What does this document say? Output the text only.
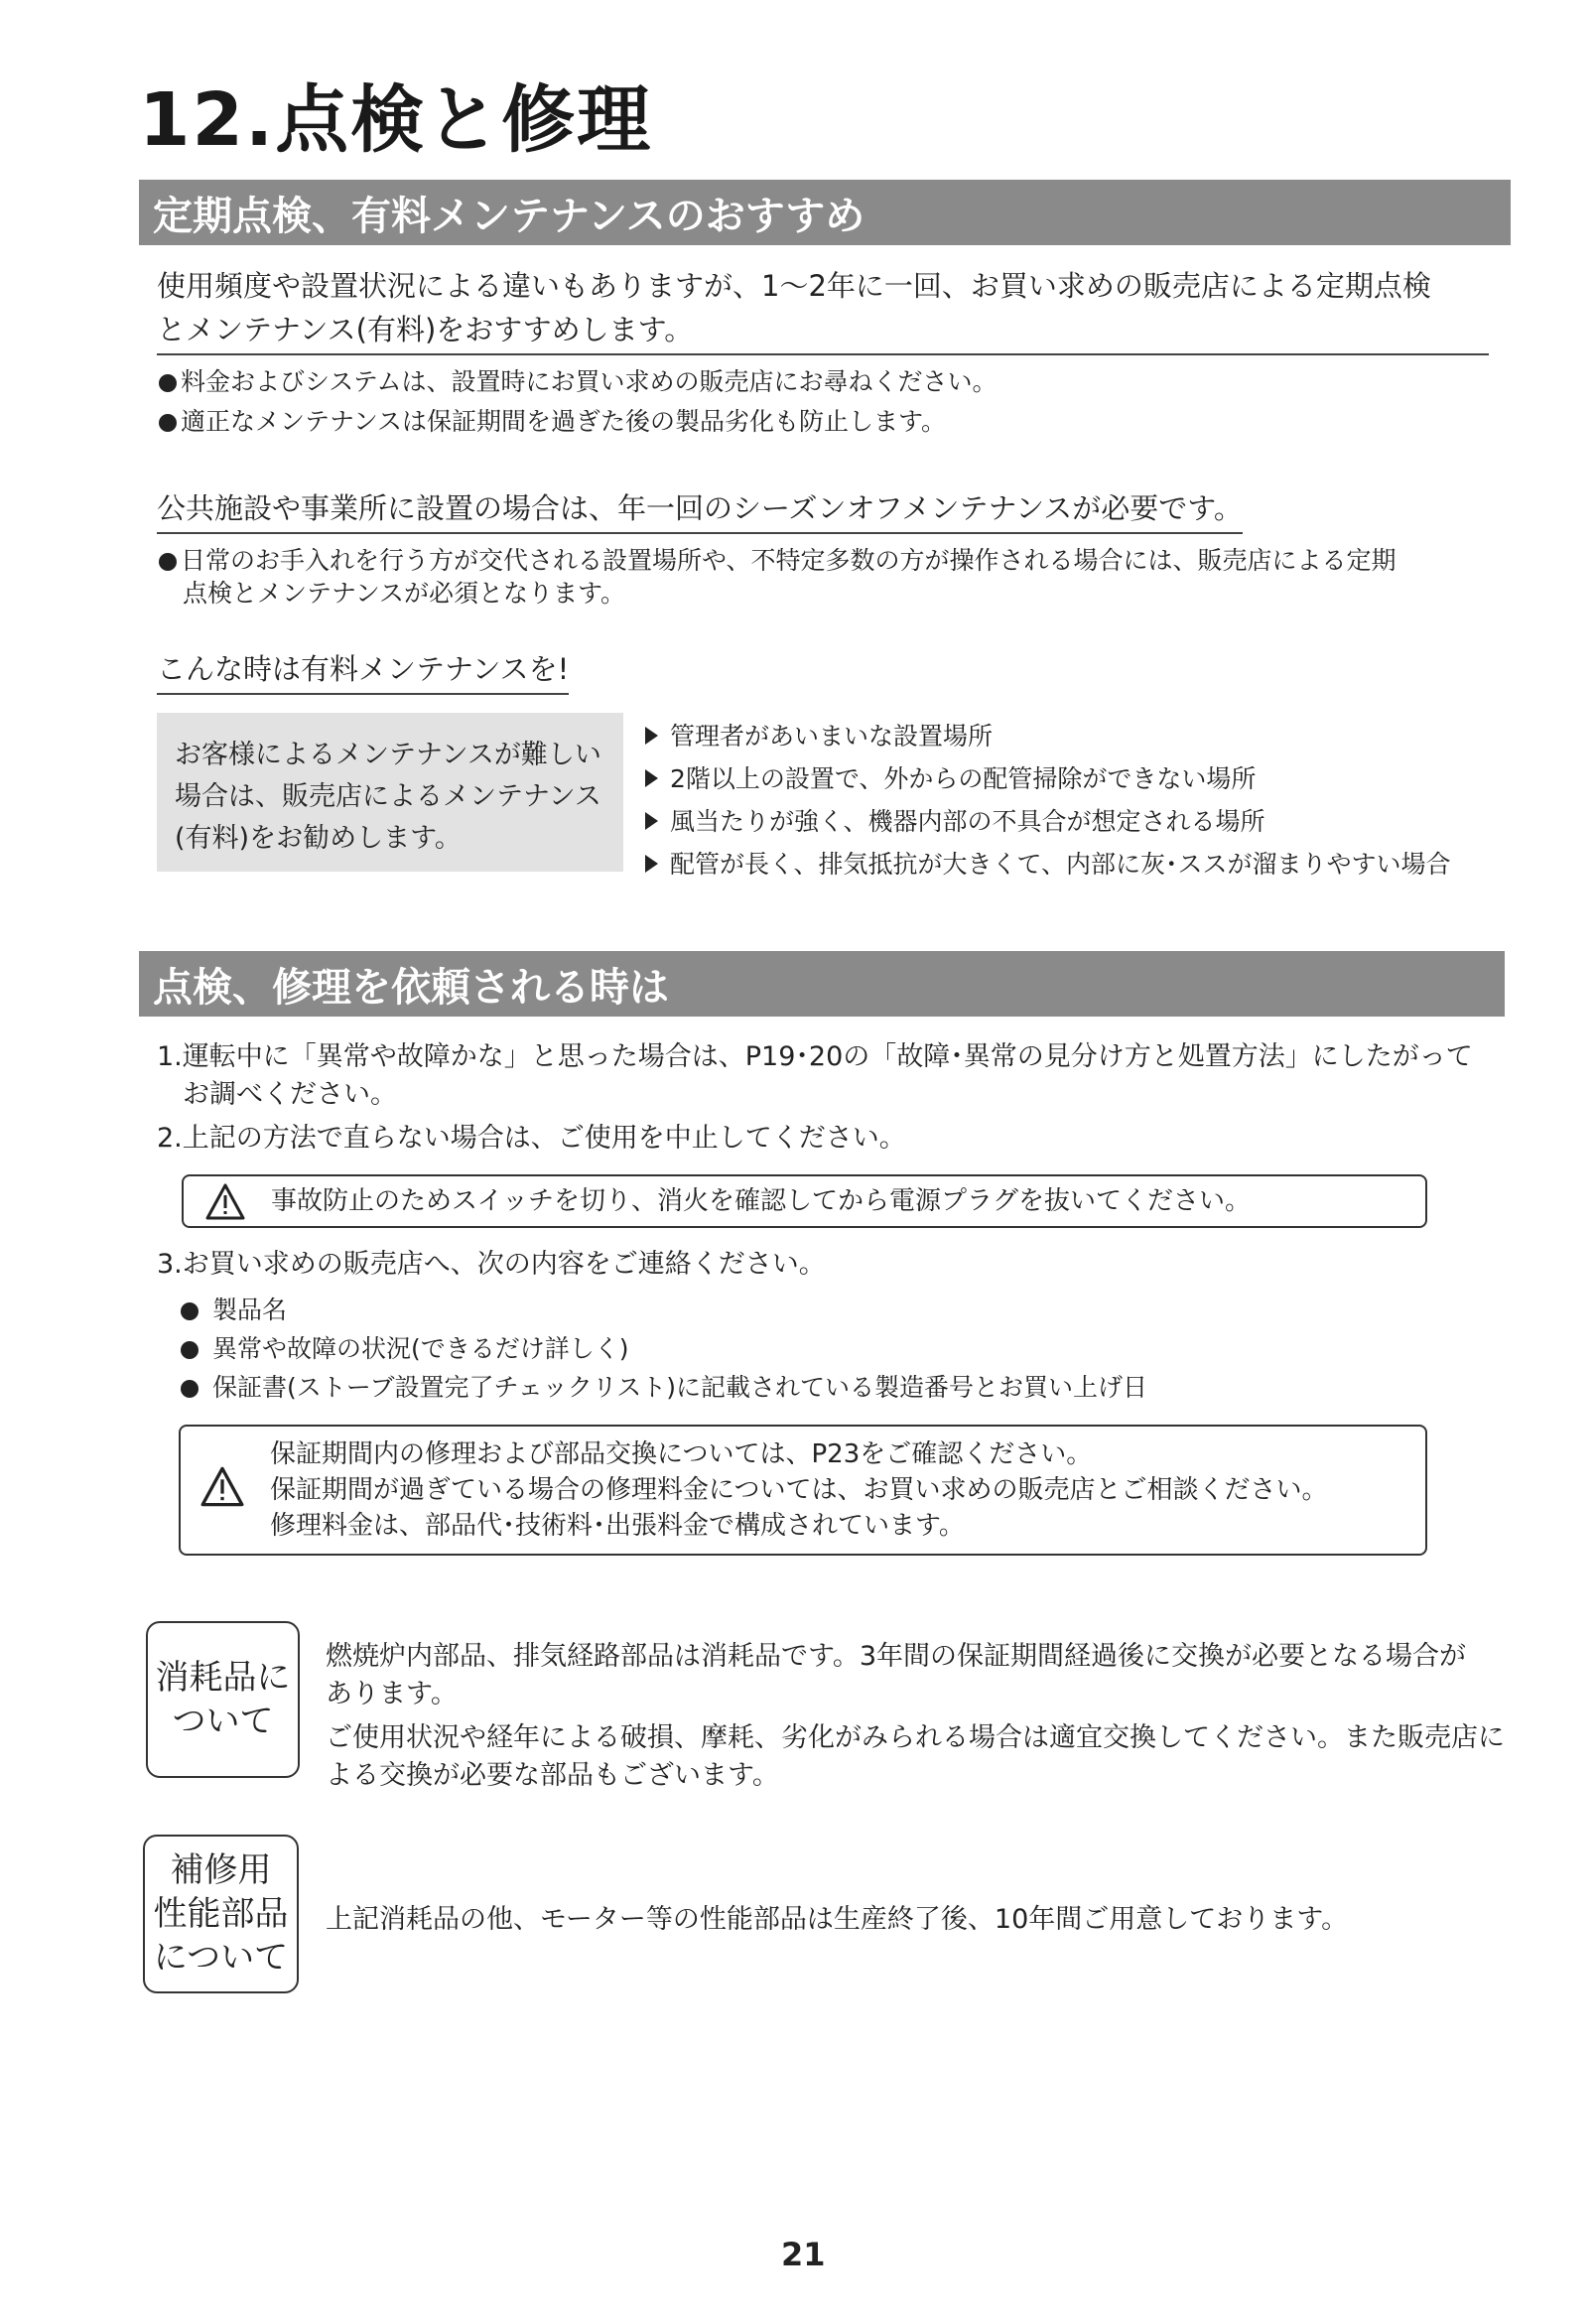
12.点検と修理
定期点検、有料メンテナンスのおすすめ
使用頻度や設置状況による違いもありますが、1～2年に一回、お買い求めの販売店による定期点検
とメンテナンス(有料)をおすすめします。
料金およびシステムは、設置時にお買い求めの販売店にお尋ねください。
適正なメンテナンスは保証期間を過ぎた後の製品劣化も防止します。
公共施設や事業所に設置の場合は、年一回のシーズンオフメンテナンスが必要です。
日常のお手入れを行う方が交代される設置場所や、不特定多数の方が操作される場合には、販売店による定期
点検とメンテナンスが必須となります。
こんな時は有料メンテナンスを!
お客様によるメンテナンスが難しい
場合は、販売店によるメンテナンス
(有料)をお勧めします。
管理者があいまいな設置場所
2階以上の設置で、外からの配管掃除ができない場所
風当たりが強く、機器内部の不具合が想定される場所
配管が長く、排気抵抗が大きくて、内部に灰･ススが溜まりやすい場合
点検、修理を依頼される時は
1.運転中に「異常や故障かな」と思った場合は、P19･20の「故障･異常の見分け方と処置方法」にしたがって
お調べください。
2.上記の方法で直らない場合は、ご使用を中止してください。
事故防止のためスイッチを切り、消火を確認してから電源プラグを抜いてください。
3.お買い求めの販売店へ、次の内容をご連絡ください。
製品名
異常や故障の状況(できるだけ詳しく)
保証書(ストーブ設置完了チェックリスト)に記載されている製造番号とお買い上げ日
保証期間内の修理および部品交換については、P23をご確認ください。
保証期間が過ぎている場合の修理料金については、お買い求めの販売店とご相談ください。
修理料金は、部品代･技術料･出張料金で構成されています。
消耗品に
ついて
燃焼炉内部品、排気経路部品は消耗品です。3年間の保証期間経過後に交換が必要となる場合が
あります。
ご使用状況や経年による破損、摩耗、劣化がみられる場合は適宜交換してください。また販売店に
よる交換が必要な部品もございます。
補修用
性能部品
について
上記消耗品の他、モーター等の性能部品は生産終了後、10年間ご用意しております。
21
